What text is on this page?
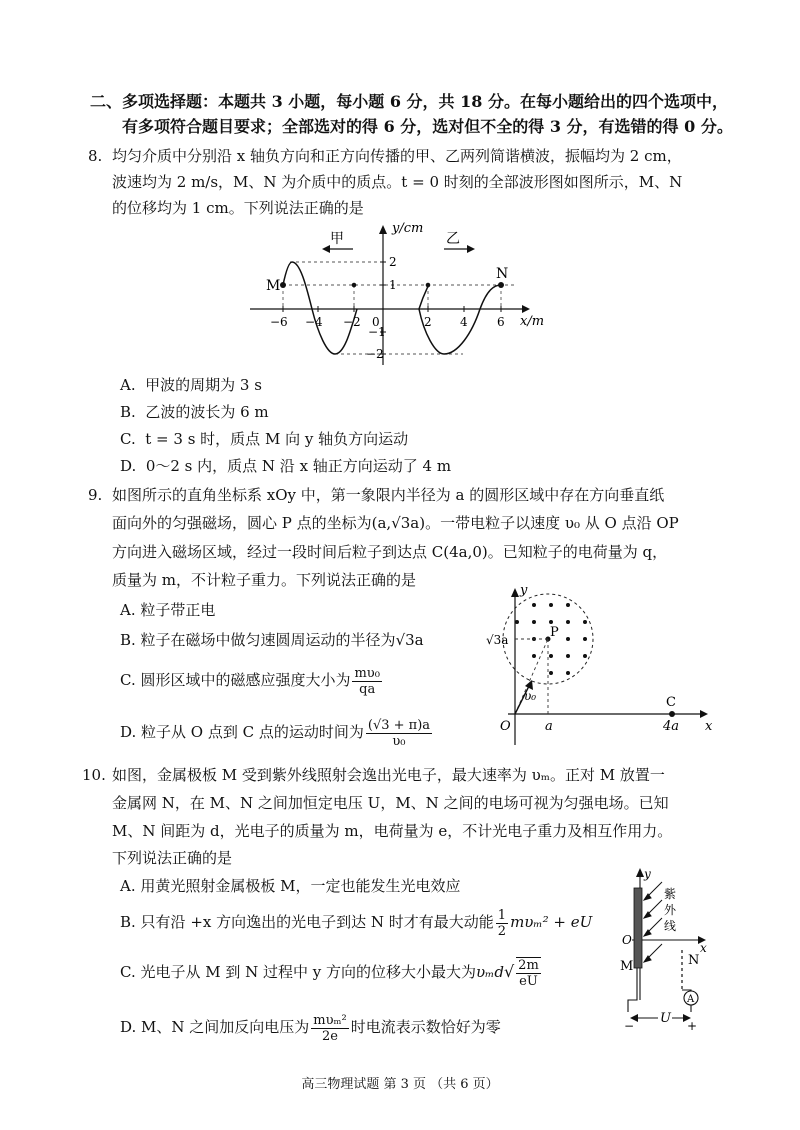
二、多项选择题：本题共 3 小题，每小题 6 分，共 18 分。在每小题给出的四个选项中，
有多项符合题目要求；全部选对的得 6 分，选对但不全的得 3 分，有选错的得 0 分。
8. 均匀介质中分别沿 x 轴负方向和正方向传播的甲、乙两列简谐横波，振幅均为 2 cm，
波速均为 2 m/s，M、N 为介质中的质点。t = 0 时刻的全部波形图如图所示，M、N
的位移均为 1 cm。下列说法正确的是
y/cm
x/m
甲	乙
M
N
0
−6 −4 −2	2 4 6
2
1
−1
−2
A. 甲波的周期为 3 s
B. 乙波的波长为 6 m
C. t = 3 s 时，质点 M 向 y 轴负方向运动
D. 0～2 s 内，质点 N 沿 x 轴正方向运动了 4 m
9. 如图所示的直角坐标系 xOy 中，第一象限内半径为 a 的圆形区域中存在方向垂直纸
面向外的匀强磁场，圆心 P 点的坐标为(a,√3a)。一带电粒子以速度 υ₀ 从 O 点沿 OP
方向进入磁场区域，经过一段时间后粒子到达点 C(4a,0)。已知粒子的电荷量为 q，
质量为 m，不计粒子重力。下列说法正确的是
A. 粒子带正电
B. 粒子在磁场中做匀速圆周运动的半径为√3a
C. 圆形区域中的磁感应强度大小为 $\frac{\text{mυ₀}}{qa}$
D. 粒子从 O 点到 C 点的运动时间为 $\frac{(√3 + \pi)a}{\text{υ₀}}$
y
x
O
√3a
a	4a
P
C
υ₀
10. 如图，金属极板 M 受到紫外线照射会逸出光电子，最大速率为 υₘ。正对 M 放置一
金属网 N，在 M、N 之间加恒定电压 U，M、N 之间的电场可视为匀强电场。已知
M、N 间距为 d，光电子的质量为 m，电荷量为 e，不计光电子重力及相互作用力。
下列说法正确的是
A. 用黄光照射金属极板 M，一定也能发生光电效应
B. 只有沿 +x 方向逸出的光电子到达 N 时才有最大动能 $\frac{1}{2} m\upsilon_m^2$ + eU
C. 光电子从 M 到 N 过程中 y 方向的位移大小最大为$\upsilon_md√ \frac{2m}{eU}$
D. M、N 之间加反向电压为 $\frac{\text{mυₘ²}}{2e}$ 时电流表示数恰好为零
y
x
O
紫
外
线
M	N
A
U
−	+
高三物理试题 第 3 页 （共 6 页）
